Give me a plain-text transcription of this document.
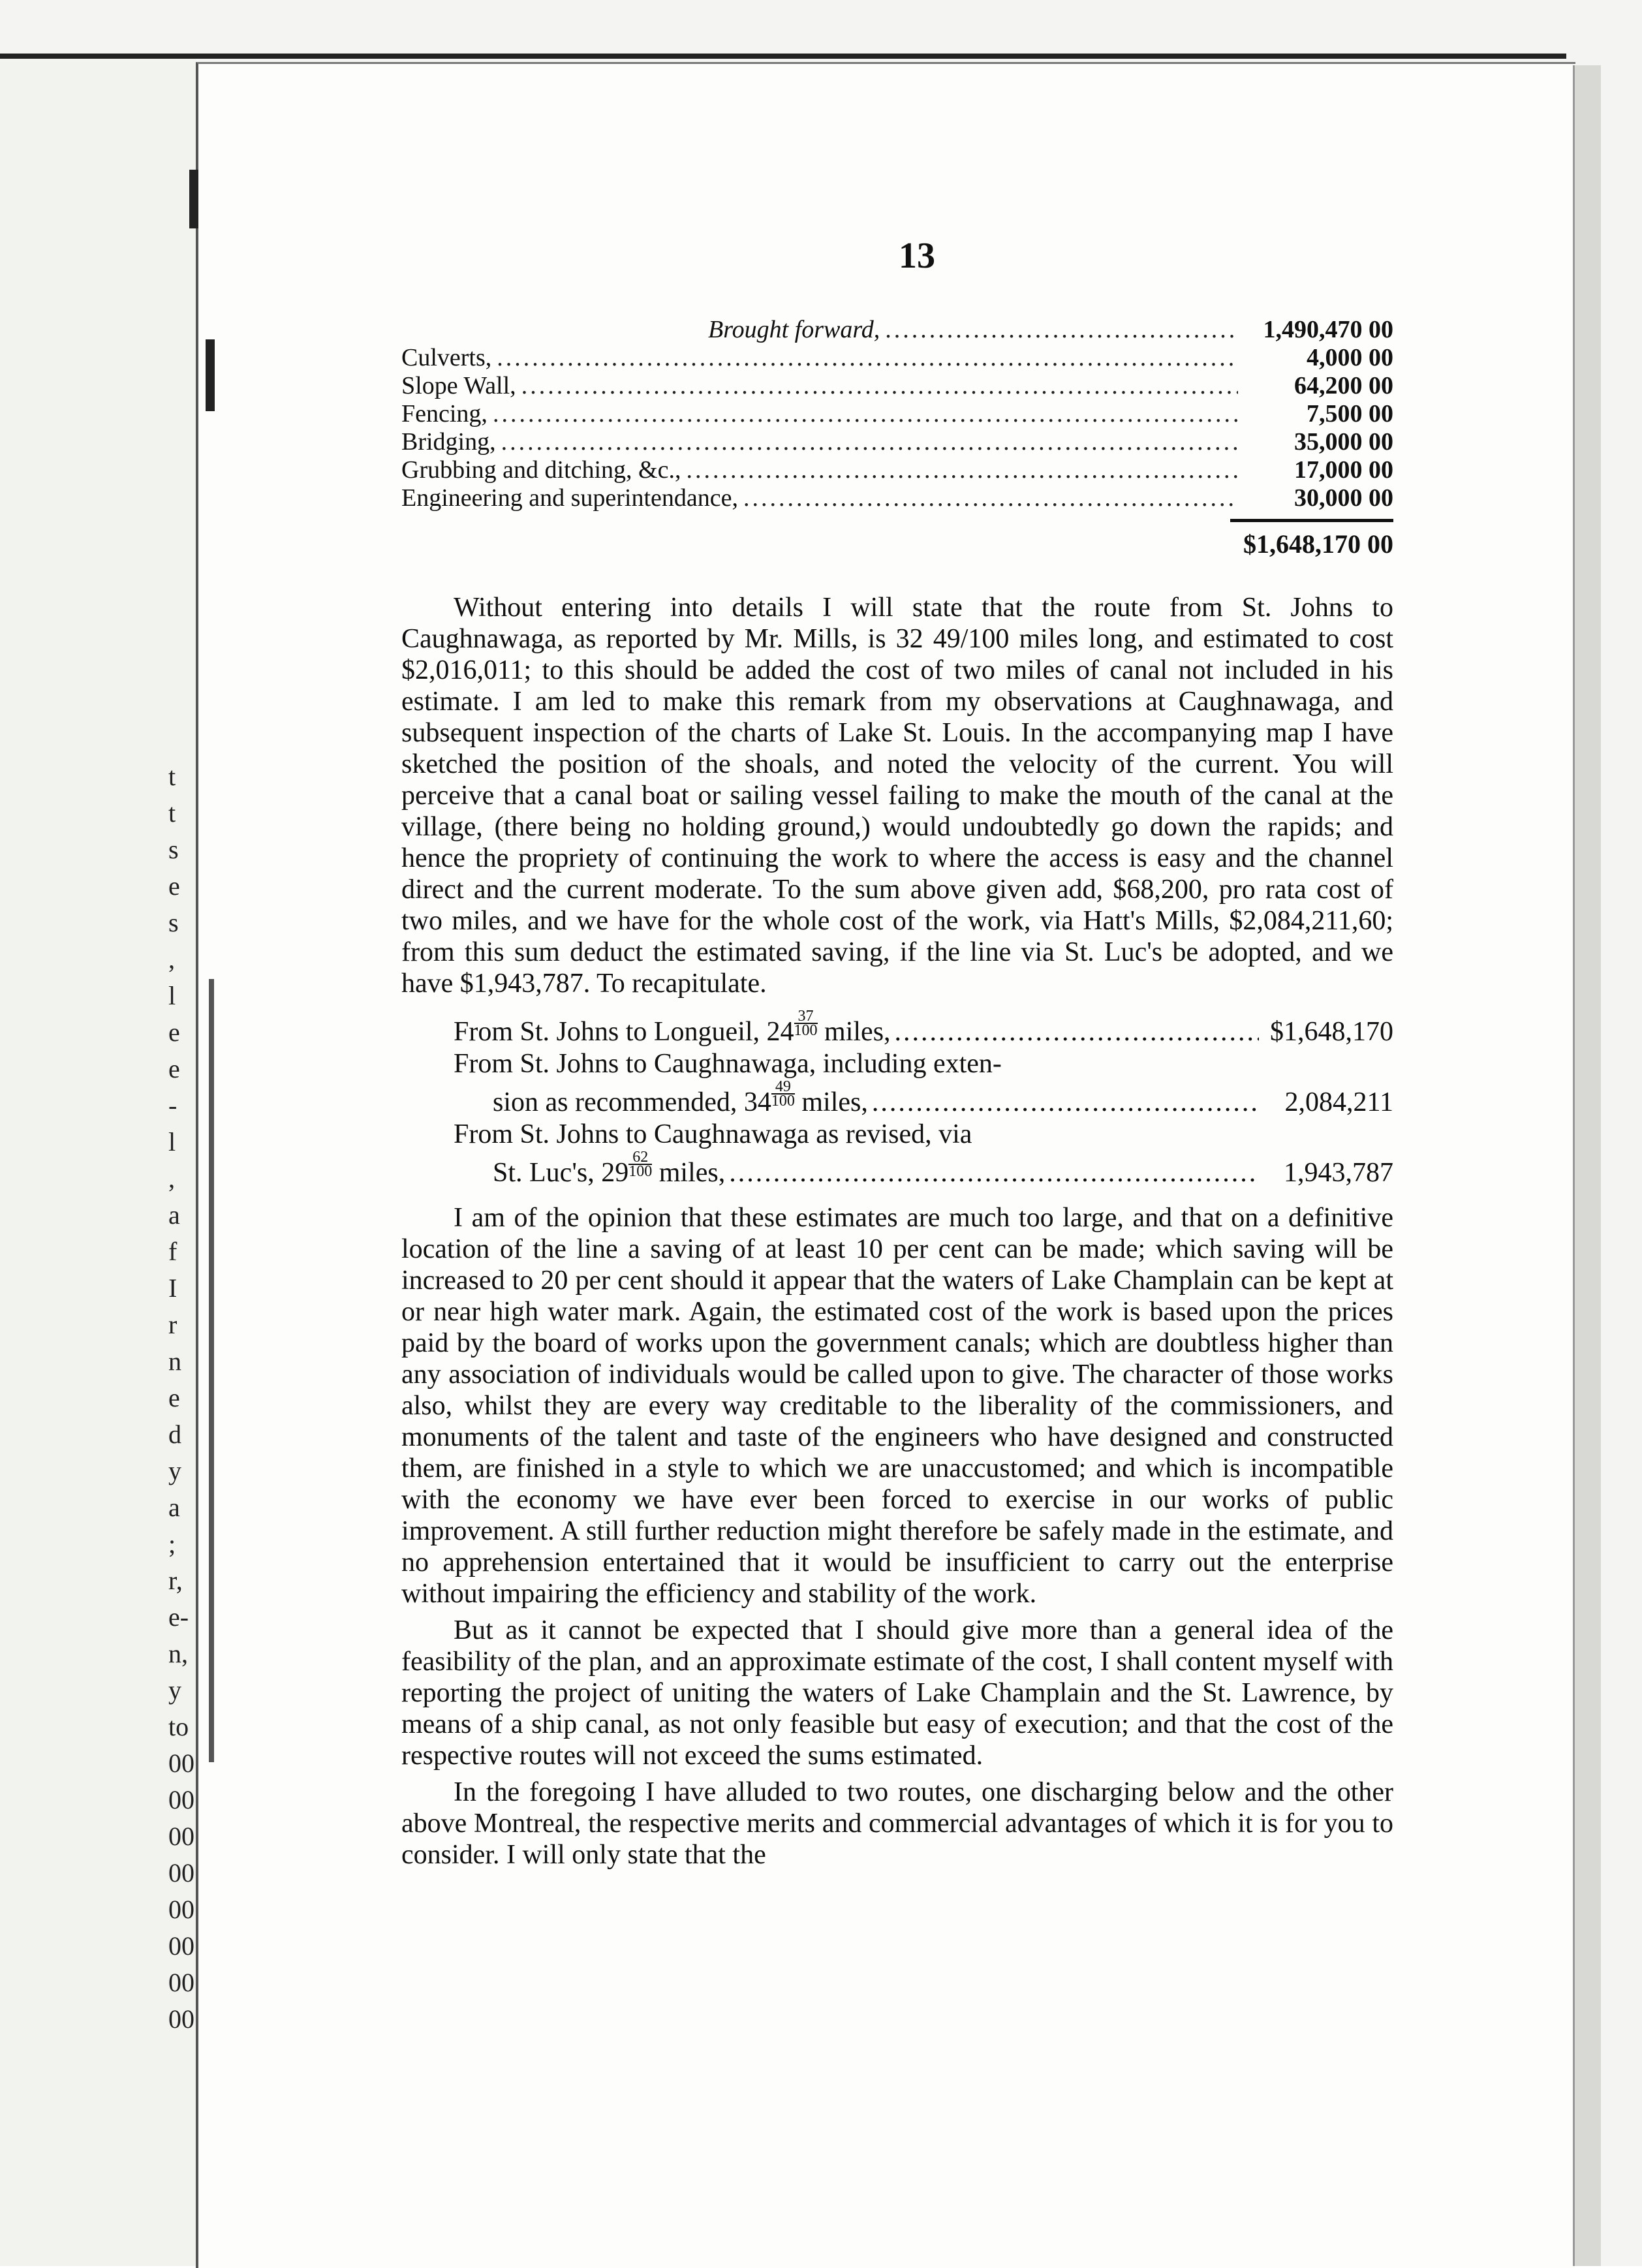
13
Brought forward, .....	1,490,470 00
Culverts, .....	4,000 00
Slope Wall, .....	64,200 00
Fencing, .....	7,500 00
Bridging, .....	35,000 00
Grubbing and ditching, &c., .....	17,000 00
Engineering and superintendance, .....	30,000 00
$1,648,170 00

Without entering into details I will state that the route from St. Johns to Caughnawaga, as reported by Mr. Mills, is 32 49/100 miles long, and estimated to cost $2,016,011; to this should be added the cost of two miles of canal not included in his estimate. I am led to make this remark from my observations at Caughnawaga, and subsequent inspection of the charts of Lake St. Louis. In the accompanying map I have sketched the position of the shoals, and noted the velocity of the current. You will perceive that a canal boat or sailing vessel failing to make the mouth of the canal at the village, (there being no holding ground,) would undoubtedly go down the rapids; and hence the propriety of continuing the work to where the access is easy and the channel direct and the current moderate. To the sum above given add, $68,200, pro rata cost of two miles, and we have for the whole cost of the work, via Hatt's Mills, $2,084,211,60; from this sum deduct the estimated saving, if the line via St. Luc's be adopted, and we have $1,943,787. To recapitulate.

From St. Johns to Longueil, $24 \frac{37}{100}$ miles, .....	$1,648,170
From St. Johns to Caughnawaga, including exten-
sion as recommended, $34 \frac{49}{100}$ miles, .....	2,084,211
From St. Johns to Caughnawaga as revised, via
St. Luc's, $29 \frac{62}{100}$ miles, .....	1,943,787

I am of the opinion that these estimates are much too large, and that on a definitive location of the line a saving of at least 10 per cent can be made; which saving will be increased to 20 per cent should it appear that the waters of Lake Champlain can be kept at or near high water mark. Again, the estimated cost of the work is based upon the prices paid by the board of works upon the government canals; which are doubtless higher than any association of individuals would be called upon to give. The character of those works also, whilst they are every way creditable to the liberality of the commissioners, and monuments of the talent and taste of the engineers who have designed and constructed them, are finished in a style to which we are unaccustomed; and which is incompatible with the economy we have ever been forced to exercise in our works of public improvement. A still further reduction might therefore be safely made in the estimate, and no apprehension entertained that it would be insufficient to carry out the enterprise without impairing the efficiency and stability of the work.

But as it cannot be expected that I should give more than a general idea of the feasibility of the plan, and an approximate estimate of the cost, I shall content myself with reporting the project of uniting the waters of Lake Champlain and the St. Lawrence, by means of a ship canal, as not only feasible but easy of execution; and that the cost of the respective routes will not exceed the sums estimated.

In the foregoing I have alluded to two routes, one discharging below and the other above Montreal, the respective merits and commercial advantages of which it is for you to consider. I will only state that the

t
t
s
e
s
,
l
e
e
-
l
,
a
f
I
r
n
e
d
y
a
;
r,
e-
n,
y
to
00
00
00
00
00
00
00
00
